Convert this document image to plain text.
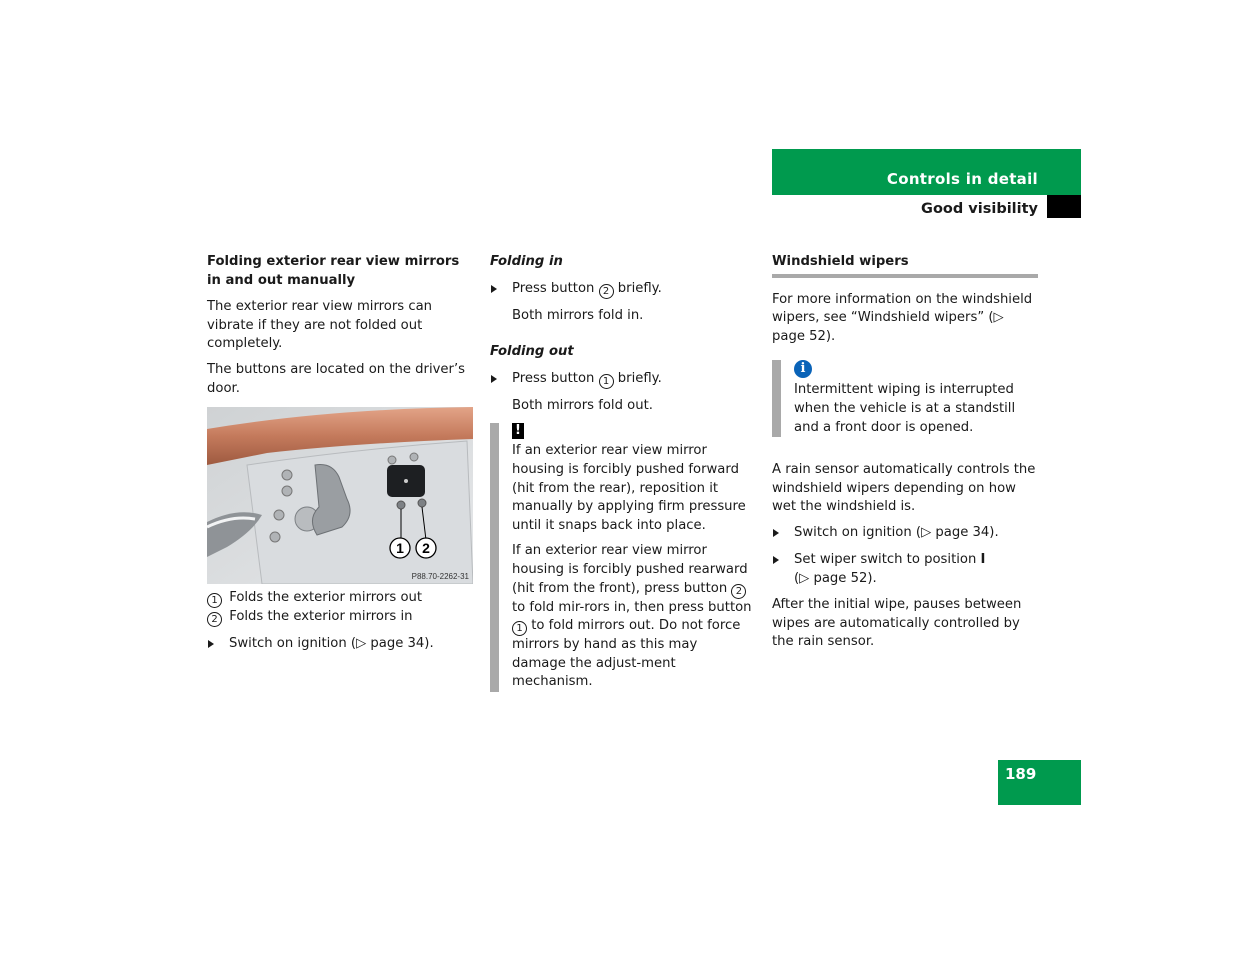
Controls in detail
Good visibility
Folding exterior rear view mirrors in and out manually

The exterior rear view mirrors can vibrate if they are not folded out completely.

The buttons are located on the driver’s door.

1 2
P88.70-2262-31
1 Folds the exterior mirrors out
2 Folds the exterior mirrors in
Switch on ignition (▷ page 34).
Folding in
Press button 2 briefly.
Both mirrors fold in.
Folding out
Press button 1 briefly.
Both mirrors fold out.
!

If an exterior rear view mirror housing is forcibly pushed forward (hit from the rear), reposition it manually by applying firm pressure until it snaps back into place.

If an exterior rear view mirror housing is forcibly pushed rearward (hit from the front), press button 2 to fold mir-rors in, then press button 1 to fold mirrors out. Do not force mirrors by hand as this may damage the adjust-ment mechanism.

Windshield wipers

For more information on the windshield wipers, see “Windshield wipers” (▷ page 52).

i
Intermittent wiping is interrupted when the vehicle is at a standstill and a front door is opened.

A rain sensor automatically controls the windshield wipers depending on how wet the windshield is.

Switch on ignition (▷ page 34).
Set wiper switch to position I
(▷ page 52).

After the initial wipe, pauses between wipes are automatically controlled by the rain sensor.

189
